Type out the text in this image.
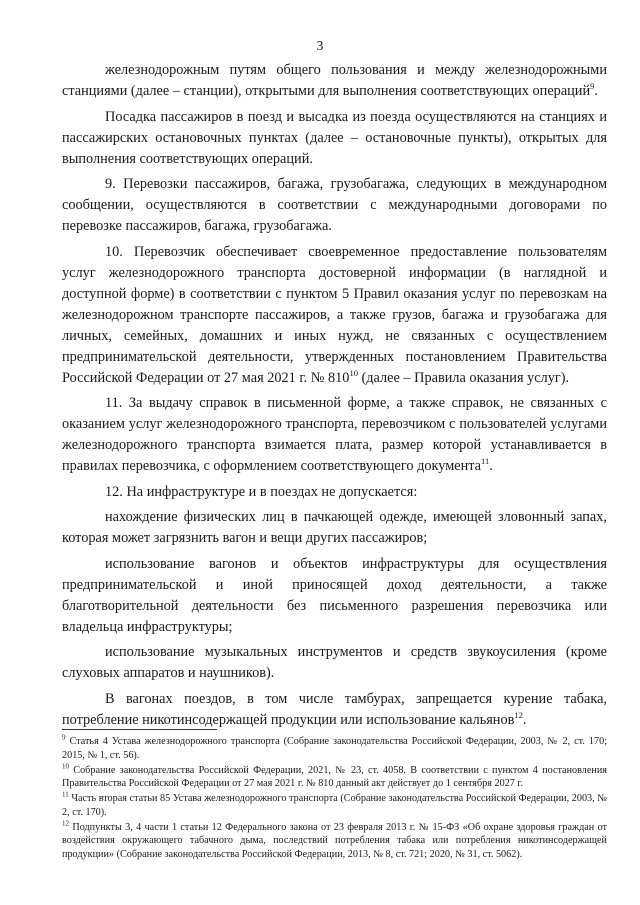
3

железнодорожным путям общего пользования и между железнодорожными станциями (далее – станции), открытыми для выполнения соответствующих операций$^9$.

Посадка пассажиров в поезд и высадка из поезда осуществляются на станциях и пассажирских остановочных пунктах (далее – остановочные пункты), открытых для выполнения соответствующих операций.

9. Перевозки пассажиров, багажа, грузобагажа, следующих в международном сообщении, осуществляются в соответствии с международными договорами по перевозке пассажиров, багажа, грузобагажа.

10. Перевозчик обеспечивает своевременное предоставление пользователям услуг железнодорожного транспорта достоверной информации (в наглядной и доступной форме) в соответствии с пунктом 5 Правил оказания услуг по перевозкам на железнодорожном транспорте пассажиров, а также грузов, багажа и грузобагажа для личных, семейных, домашних и иных нужд, не связанных с осуществлением предпринимательской деятельности, утвержденных постановлением Правительства Российской Федерации от 27 мая 2021 г. № $810^{10}$ (далее – Правила оказания услуг).

11. За выдачу справок в письменной форме, а также справок, не связанных с оказанием услуг железнодорожного транспорта, перевозчиком с пользователей услугами железнодорожного транспорта взимается плата, размер которой устанавливается в правилах перевозчика, с оформлением соответствующего документа$^{11}$.

12. На инфраструктуре и в поездах не допускается:

нахождение физических лиц в пачкающей одежде, имеющей зловонный запах, которая может загрязнить вагон и вещи других пассажиров;

использование вагонов и объектов инфраструктуры для осуществления предпринимательской и иной приносящей доход деятельности, а также благотворительной деятельности без письменного разрешения перевозчика или владельца инфраструктуры;

использование музыкальных инструментов и средств звукоусиления (кроме слуховых аппаратов и наушников).

В вагонах поездов, в том числе тамбурах, запрещается курение табака, потребление никотинсодержащей продукции или использование кальянов$^{12}$.

$^9$ Статья 4 Устава железнодорожного транспорта (Собрание законодательства Российской Федерации, 2003, № 2, ст. 170; 2015, № 1, ст. 56).

$^{10}$ Собрание законодательства Российской Федерации, 2021, № 23, ст. 4058. В соответствии с пунктом 4 постановления Правительства Российской Федерации от 27 мая 2021 г. № 810 данный акт действует до 1 сентября 2027 г.

$^{11}$ Часть вторая статьи 85 Устава железнодорожного транспорта (Собрание законодательства Российской Федерации, 2003, № 2, ст. 170).

$^{12}$ Подпункты 3, 4 части 1 статьи 12 Федерального закона от 23 февраля 2013 г. № 15-ФЗ «Об охране здоровья граждан от воздействия окружающего табачного дыма, последствий потребления табака или потребления никотинсодержащей продукции» (Собрание законодательства Российской Федерации, 2013, № 8, ст. 721; 2020, № 31, ст. 5062).
